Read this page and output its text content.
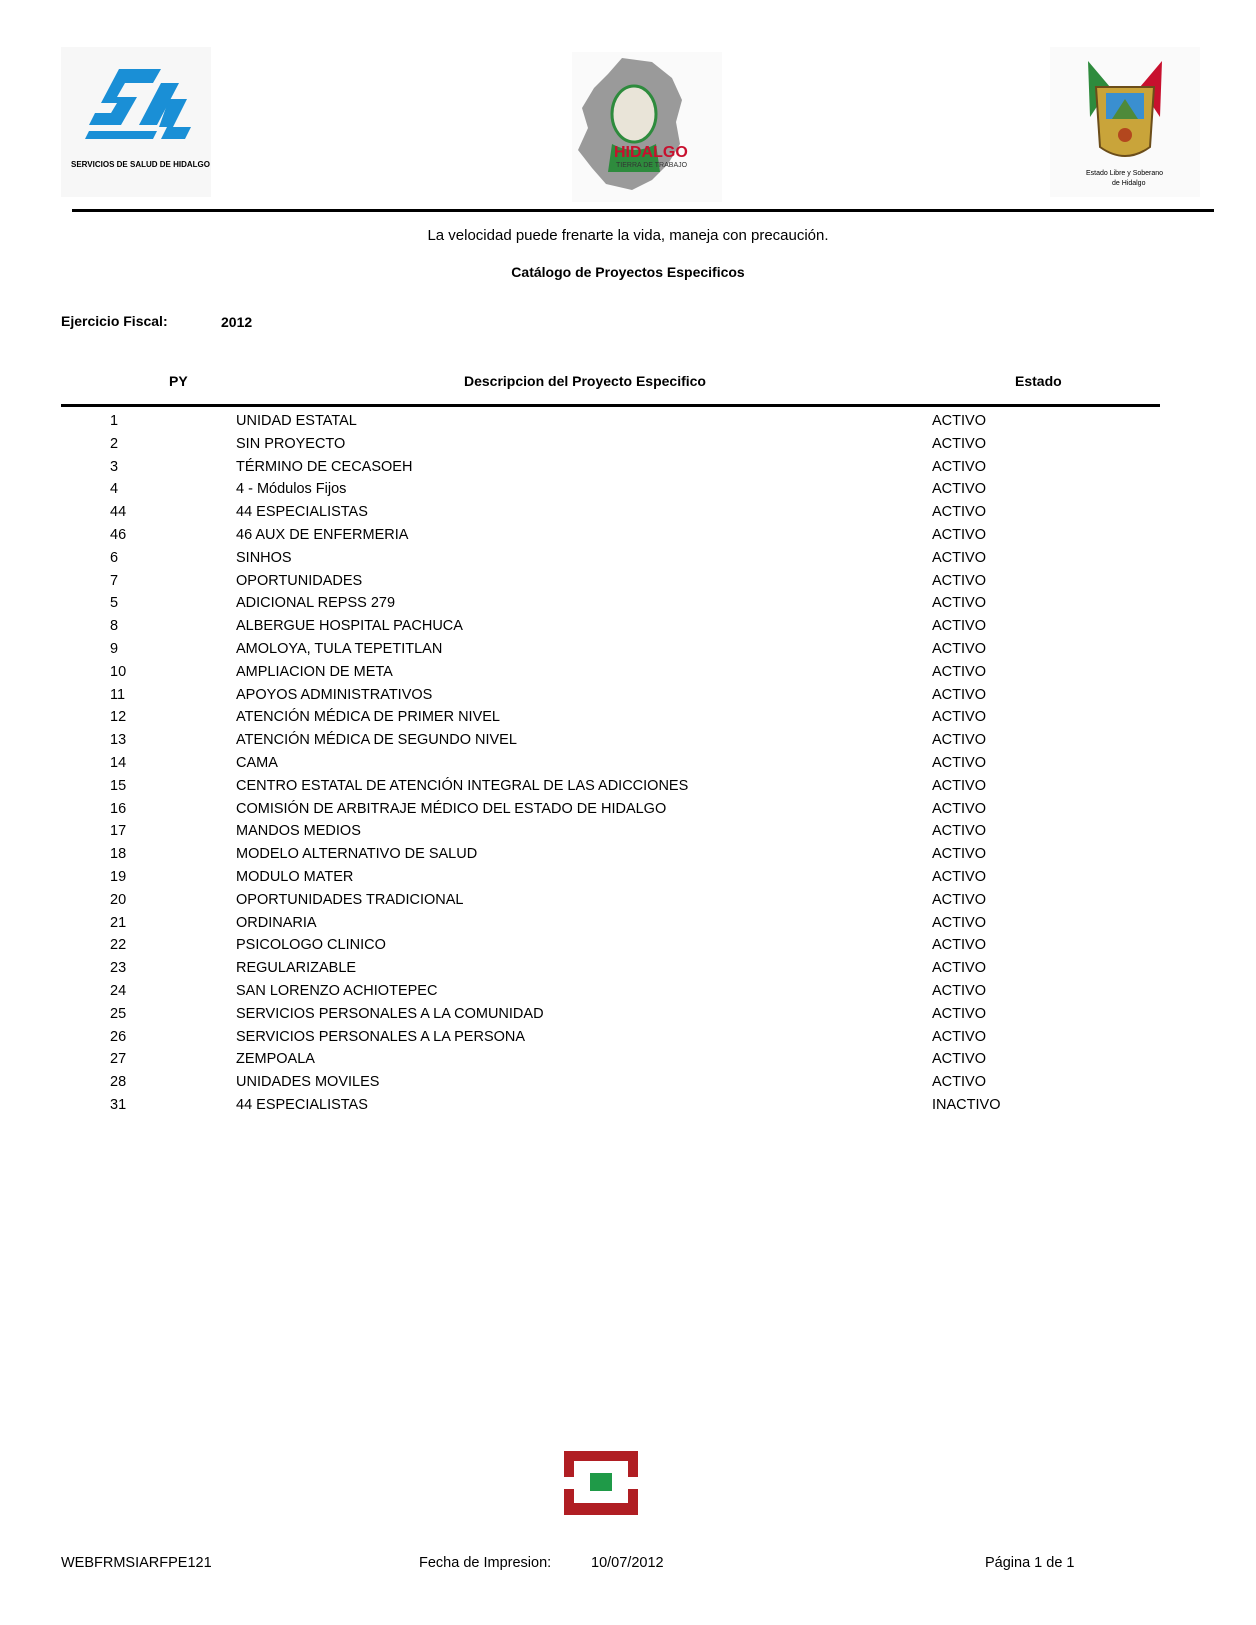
SERVICIOS DE SALUD DE HIDALGO
HIDALGO
TIERRA DE TRABAJO
Estado Libre y Soberano
de Hidalgo
La velocidad puede frenarte la vida, maneja con precaución.
Catálogo de Proyectos Especificos
Ejercicio Fiscal:	2012
PY	Descripcion del Proyecto Especifico	Estado
1	UNIDAD ESTATAL	ACTIVO
2	SIN PROYECTO	ACTIVO
3	TÉRMINO DE CECASOEH	ACTIVO
4	4 - Módulos Fijos	ACTIVO
44	44 ESPECIALISTAS	ACTIVO
46	46 AUX DE ENFERMERIA	ACTIVO
6	SINHOS	ACTIVO
7	OPORTUNIDADES	ACTIVO
5	ADICIONAL REPSS 279	ACTIVO
8	ALBERGUE HOSPITAL PACHUCA	ACTIVO
9	AMOLOYA, TULA TEPETITLAN	ACTIVO
10	AMPLIACION DE META	ACTIVO
11	APOYOS ADMINISTRATIVOS	ACTIVO
12	ATENCIÓN MÉDICA DE PRIMER NIVEL	ACTIVO
13	ATENCIÓN MÉDICA DE SEGUNDO NIVEL	ACTIVO
14	CAMA	ACTIVO
15	CENTRO ESTATAL DE ATENCIÓN INTEGRAL DE LAS ADICCIONES	ACTIVO
16	COMISIÓN DE ARBITRAJE MÉDICO DEL ESTADO DE HIDALGO	ACTIVO
17	MANDOS MEDIOS	ACTIVO
18	MODELO ALTERNATIVO DE SALUD	ACTIVO
19	MODULO MATER	ACTIVO
20	OPORTUNIDADES TRADICIONAL	ACTIVO
21	ORDINARIA	ACTIVO
22	PSICOLOGO CLINICO	ACTIVO
23	REGULARIZABLE	ACTIVO
24	SAN LORENZO ACHIOTEPEC	ACTIVO
25	SERVICIOS PERSONALES A LA COMUNIDAD	ACTIVO
26	SERVICIOS PERSONALES A LA PERSONA	ACTIVO
27	ZEMPOALA	ACTIVO
28	UNIDADES MOVILES	ACTIVO
31	44 ESPECIALISTAS	INACTIVO
WEBFRMSIARFPE121	Fecha de Impresion:	10/07/2012	Página 1 de 1
